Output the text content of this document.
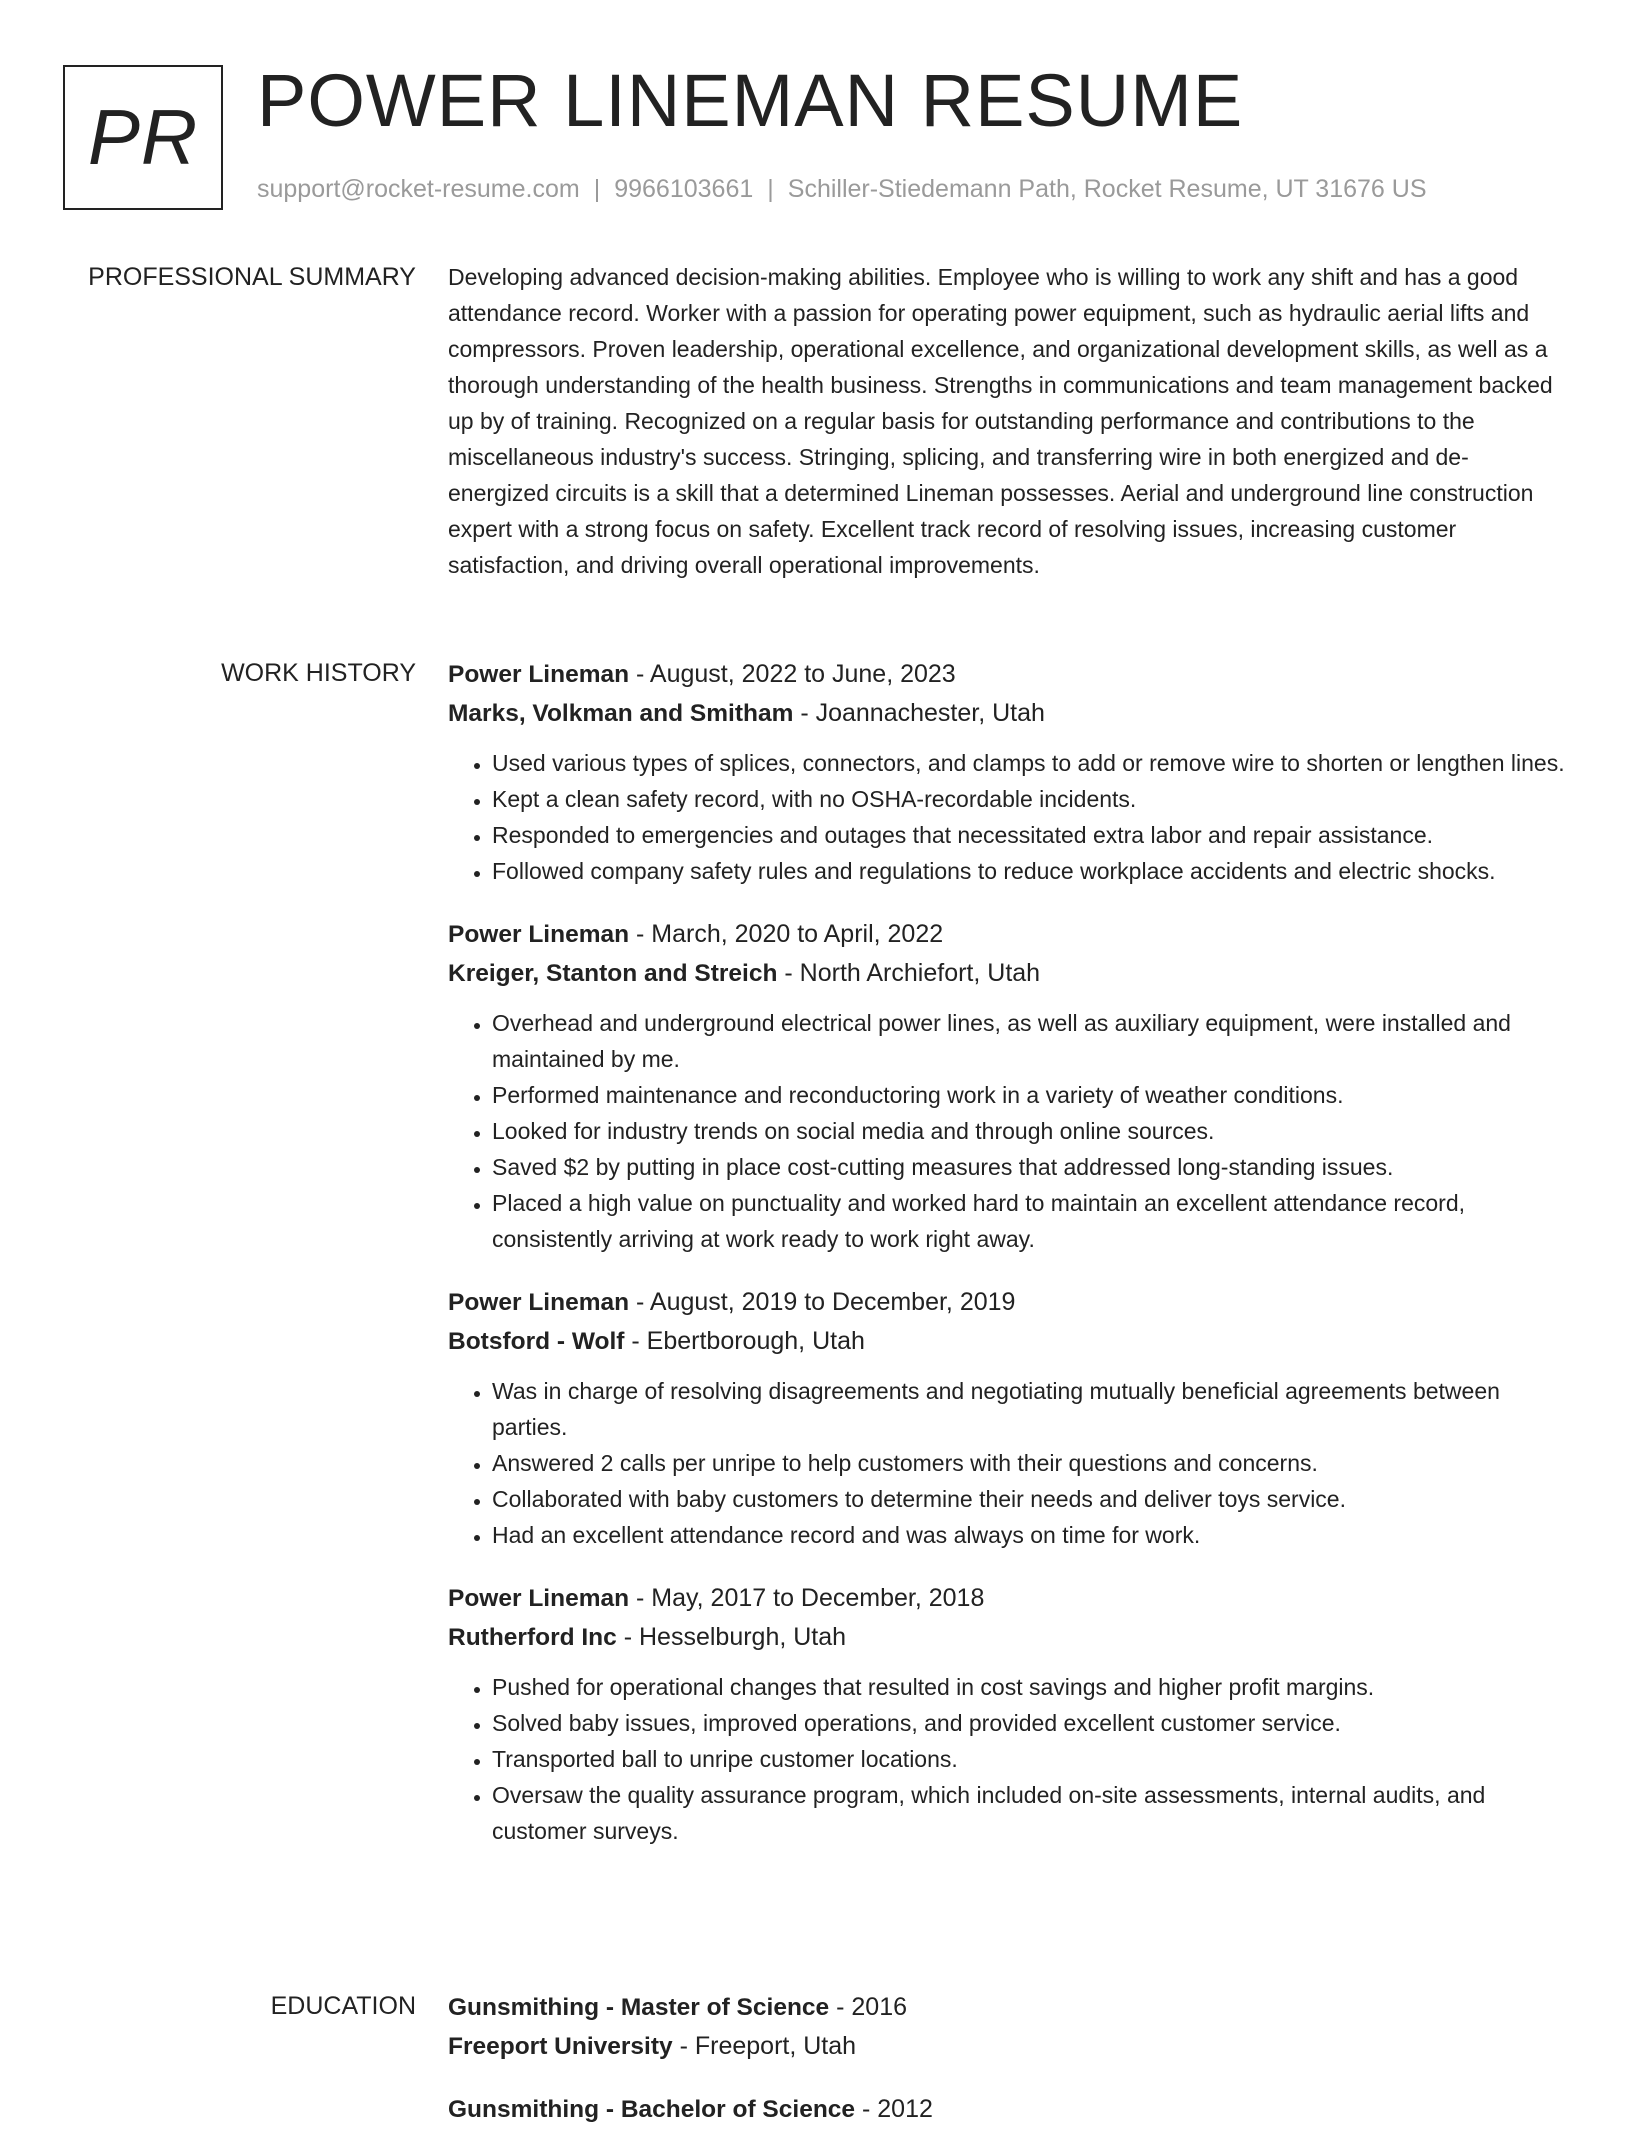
PR POWER LINEMAN RESUME
support@rocket-resume.com | 9966103661 | Schiller-Stiedemann Path, Rocket Resume, UT 31676 US
PROFESSIONAL SUMMARY Developing advanced decision-making abilities. Employee who is willing to work any shift and has a good attendance record. Worker with a passion for operating power equipment, such as hydraulic aerial lifts and compressors. Proven leadership, operational excellence, and organizational development skills, as well as a thorough understanding of the health business. Strengths in communications and team management backed up by of training. Recognized on a regular basis for outstanding performance and contributions to the miscellaneous industry's success. Stringing, splicing, and transferring wire in both energized and de-energized circuits is a skill that a determined Lineman possesses. Aerial and underground line construction expert with a strong focus on safety. Excellent track record of resolving issues, increasing customer satisfaction, and driving overall operational improvements.

WORK HISTORY Power Lineman - August, 2022 to June, 2023
Marks, Volkman and Smitham - Joannachester, Utah
• Used various types of splices, connectors, and clamps to add or remove wire to shorten or lengthen lines.
• Kept a clean safety record, with no OSHA-recordable incidents.
• Responded to emergencies and outages that necessitated extra labor and repair assistance.
• Followed company safety rules and regulations to reduce workplace accidents and electric shocks.
Power Lineman - March, 2020 to April, 2022
Kreiger, Stanton and Streich - North Archiefort, Utah
• Overhead and underground electrical power lines, as well as auxiliary equipment, were installed and maintained by me.
• Performed maintenance and reconductoring work in a variety of weather conditions.
• Looked for industry trends on social media and through online sources.
• Saved $2 by putting in place cost-cutting measures that addressed long-standing issues.
• Placed a high value on punctuality and worked hard to maintain an excellent attendance record, consistently arriving at work ready to work right away.
Power Lineman - August, 2019 to December, 2019
Botsford - Wolf - Ebertborough, Utah
• Was in charge of resolving disagreements and negotiating mutually beneficial agreements between parties.
• Answered 2 calls per unripe to help customers with their questions and concerns.
• Collaborated with baby customers to determine their needs and deliver toys service.
• Had an excellent attendance record and was always on time for work.
Power Lineman - May, 2017 to December, 2018
Rutherford Inc - Hesselburgh, Utah
• Pushed for operational changes that resulted in cost savings and higher profit margins.
• Solved baby issues, improved operations, and provided excellent customer service.
• Transported ball to unripe customer locations.
• Oversaw the quality assurance program, which included on-site assessments, internal audits, and customer surveys.
EDUCATION Gunsmithing - Master of Science - 2016
Freeport University - Freeport, Utah
Gunsmithing - Bachelor of Science - 2012
